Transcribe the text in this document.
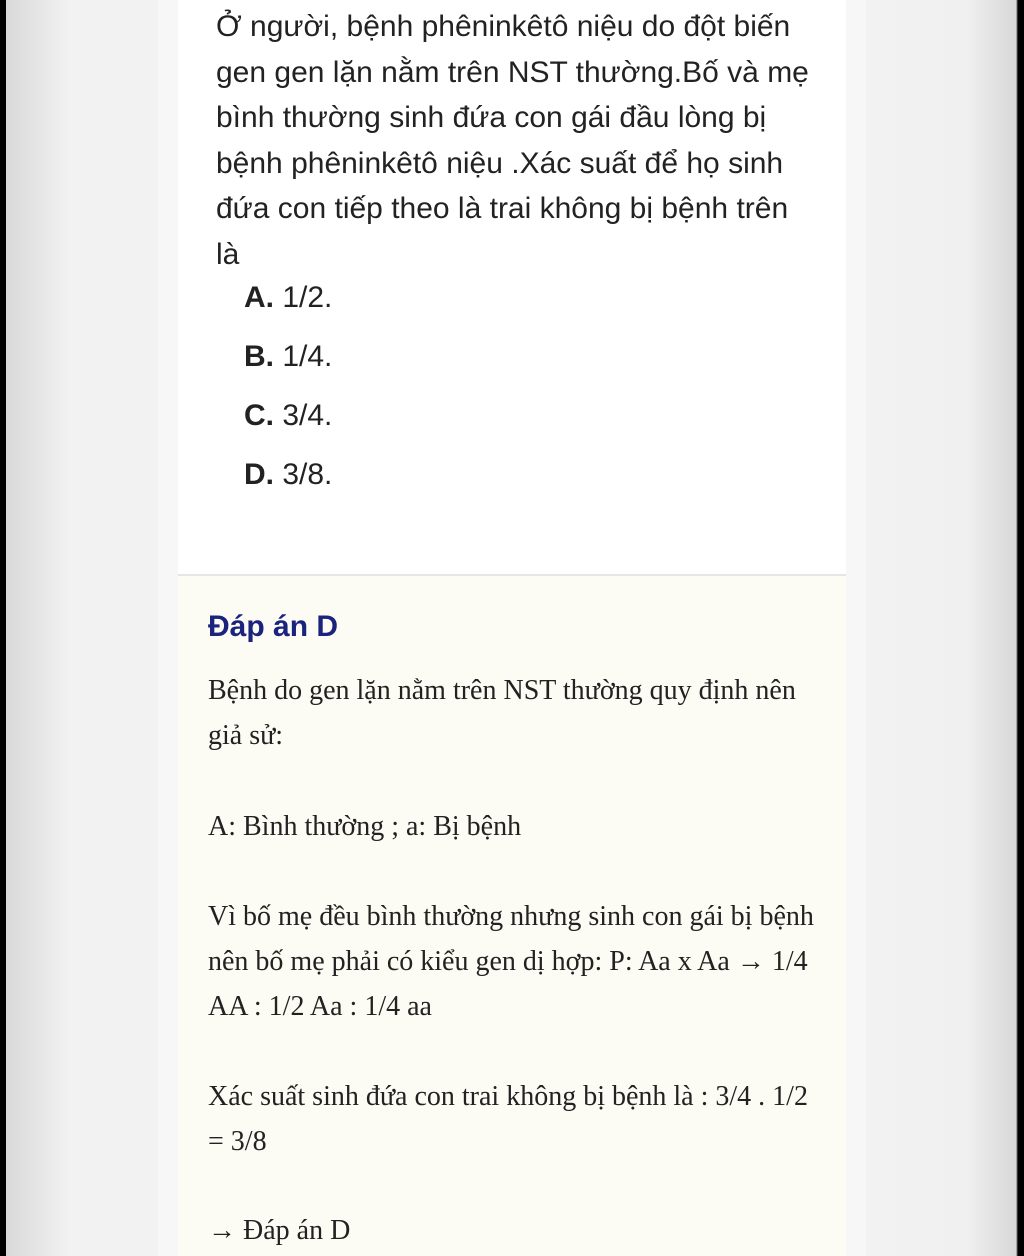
Ở người, bệnh phêninkêtô niệu do đột biến gen gen lặn nằm trên NST thường.Bố và mẹ bình thường sinh đứa con gái đầu lòng bị bệnh phêninkêtô niệu .Xác suất để họ sinh đứa con tiếp theo là trai không bị bệnh trên là

A. 1/2.
B. 1/4.
C. 3/4.
D. 3/8.
Đáp án D

Bệnh do gen lặn nằm trên NST thường quy định nên giả sử:

A: Bình thường ; a: Bị bệnh

Vì bố mẹ đều bình thường nhưng sinh con gái bị bệnh nên bố mẹ phải có kiểu gen dị hợp: P: Aa x Aa → 1/4 AA : 1/2 Aa : 1/4 aa

Xác suất sinh đứa con trai không bị bệnh là : 3/4 . 1/2 = 3/8

→ Đáp án D
